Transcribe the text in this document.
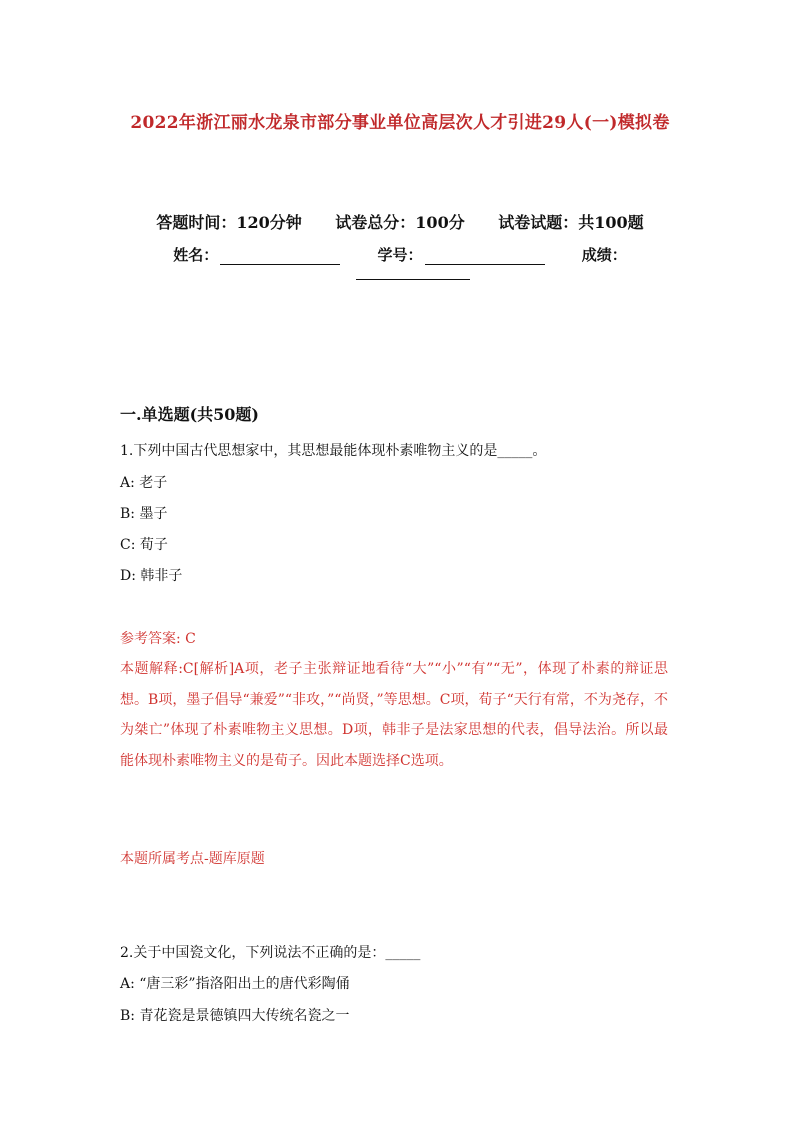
2022年浙江丽水龙泉市部分事业单位高层次人才引进29人(一)模拟卷
答题时间：120分钟 试卷总分：100分 试卷试题：共100题
姓名：	学号：	成绩：
一.单选题(共50题)
1.下列中国古代思想家中，其思想最能体现朴素唯物主义的是_____。
A: 老子
B: 墨子
C: 荀子
D: 韩非子
参考答案: C
本题解释:C[解析]A项，老子主张辩证地看待“大”“小”“有”“无”，体现了朴素的辩证思想。B项，墨子倡导“兼爱”“非攻，”“尚贤，”等思想。C项，荀子“天行有常，不为尧存，不为桀亡”体现了朴素唯物主义思想。D项，韩非子是法家思想的代表，倡导法治。所以最能体现朴素唯物主义的是荀子。因此本题选择C选项。
本题所属考点-题库原题
2.关于中国瓷文化，下列说法不正确的是：_____
A: “唐三彩”指洛阳出土的唐代彩陶俑
B: 青花瓷是景德镇四大传统名瓷之一
